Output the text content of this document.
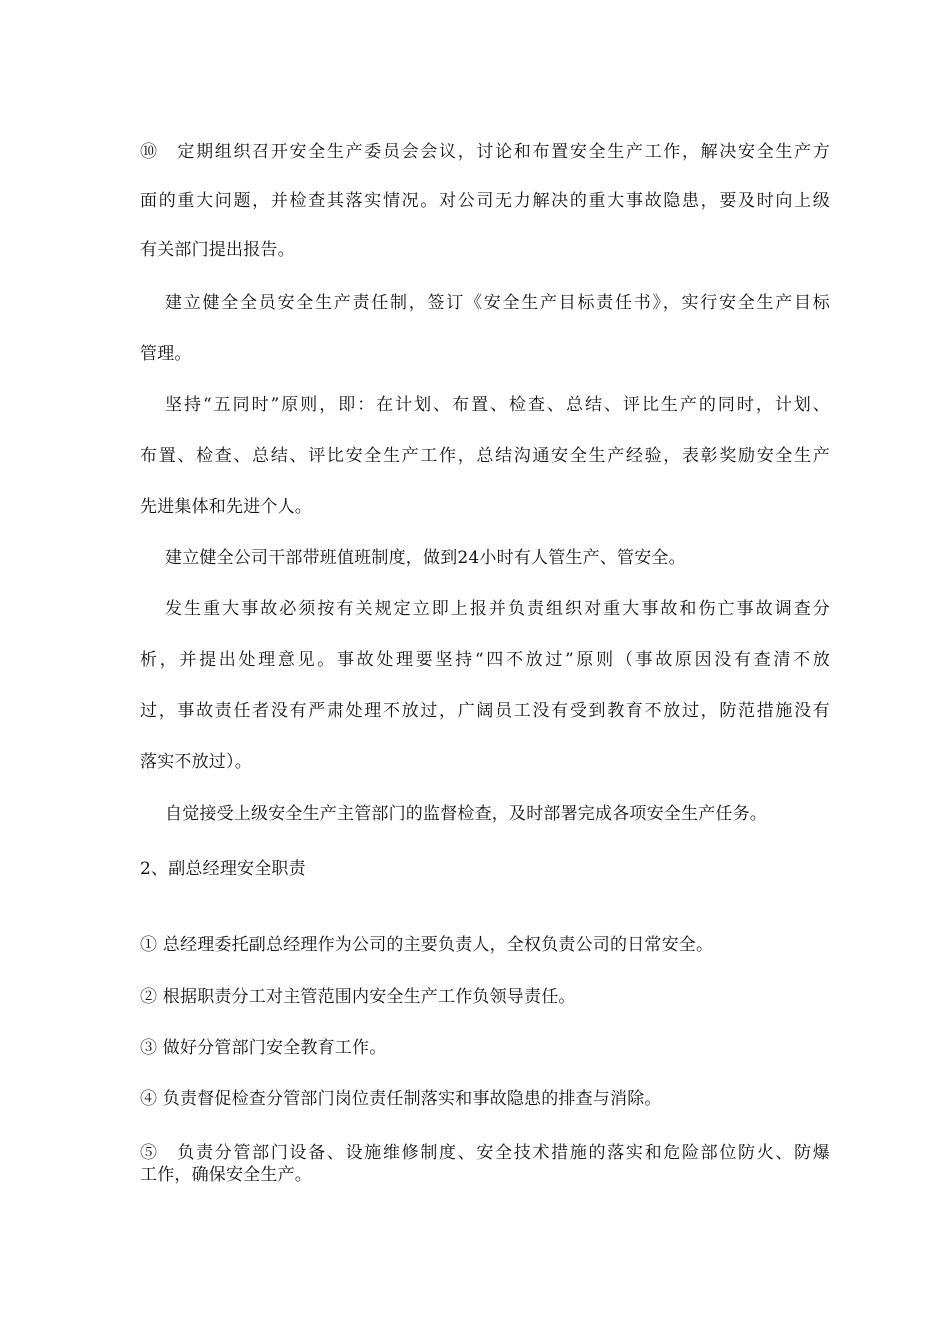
⑩　定期组织召开安全生产委员会会议，讨论和布置安全生产工作，解决安全生产方
面的重大问题，并检查其落实情况。对公司无力解决的重大事故隐患，要及时向上级
有关部门提出报告。
建立健全全员安全生产责任制，签订《安全生产目标责任书》，实行安全生产目标
管理。
坚持“五同时”原则，即：在计划、布置、检查、总结、评比生产的同时，计划、
布置、检查、总结、评比安全生产工作，总结沟通安全生产经验，表彰奖励安全生产
先进集体和先进个人。
建立健全公司干部带班值班制度，做到24小时有人管生产、管安全。
发生重大事故必须按有关规定立即上报并负责组织对重大事故和伤亡事故调查分
析，并提出处理意见。事故处理要坚持“四不放过”原则（事故原因没有查清不放
过，事故责任者没有严肃处理不放过，广阔员工没有受到教育不放过，防范措施没有
落实不放过）。
自觉接受上级安全生产主管部门的监督检查，及时部署完成各项安全生产任务。
2、副总经理安全职责
① 总经理委托副总经理作为公司的主要负责人，全权负责公司的日常安全。
② 根据职责分工对主管范围内安全生产工作负领导责任。
③ 做好分管部门安全教育工作。
④ 负责督促检查分管部门岗位责任制落实和事故隐患的排查与消除。
⑤　负责分管部门设备、设施维修制度、安全技术措施的落实和危险部位防火、防爆
工作，确保安全生产。
